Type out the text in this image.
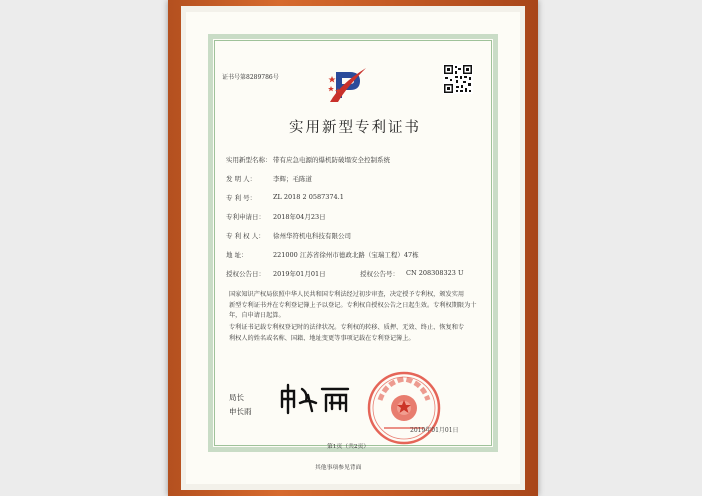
证书号第8289786号
实用新型专利证书
实用新型名称： 带有应急电源的爆机防破塌安全控制系统
发 明 人：	李辉；毛陈道
专 利 号：	ZL 2018 2 0587374.1
专利申请日： 2018年04月23日
专 利 权 人： 徐州华符机电科技有限公司
地 址：	221000 江苏省徐州市德政北路（宝瑞工程）47栋
授权公告日： 2019年01月01日	授权公告号： CN 208308323 U
国家知识产权局依照中华人民共和国专利法经过初步审查，决定授予专利权，颁发实用
新型专利证书并在专利登记簿上予以登记。专利权自授权公告之日起生效。专利权期限为十
年，自申请日起算。
专利证书记载专利权登记时的法律状况。专利权的转移、质押、无效、终止、恢复和专
利权人的姓名或名称、国籍、地址变更等事项记载在专利登记簿上。
局长
申长雨
2019年01月01日
第1页（共2页）
其他事项参见背面
